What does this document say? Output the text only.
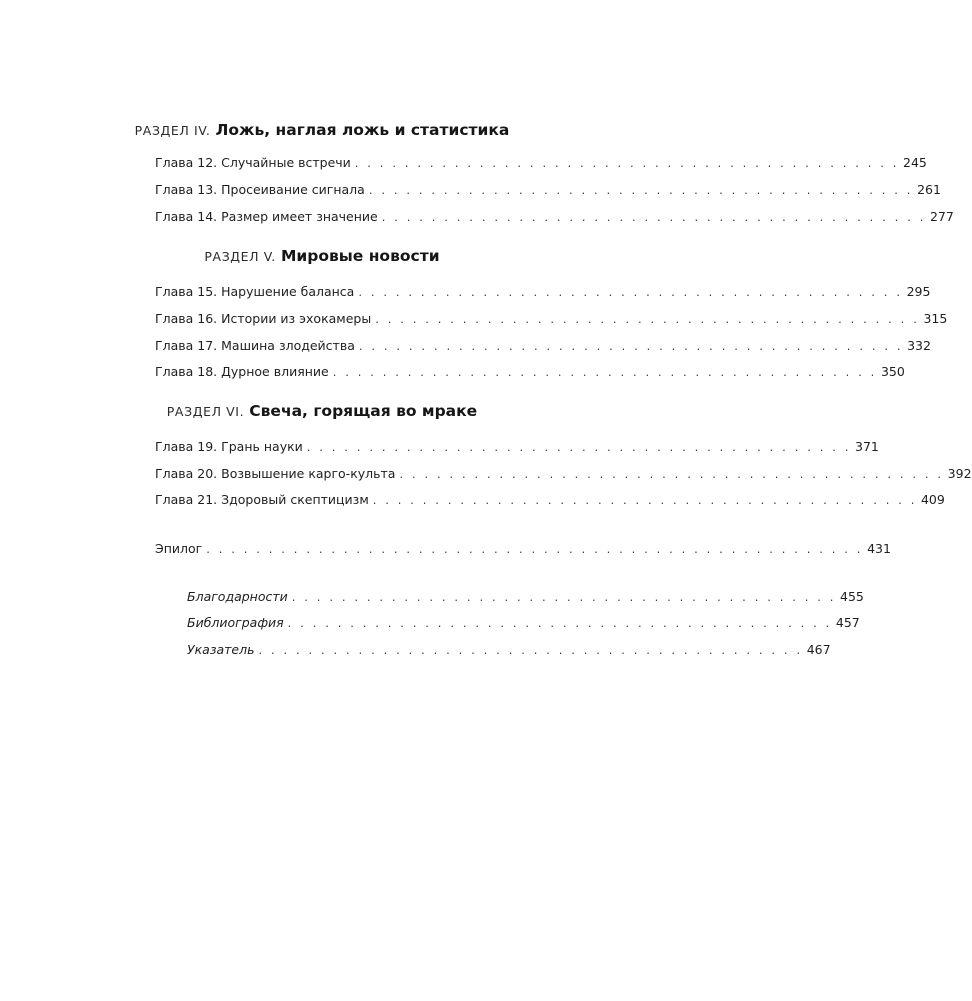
РАЗДЕЛ IV. Ложь, наглая ложь и статистика
Глава 12. Случайные встречи . . . . . . . . . . . . . . . . . . . . . . . . . . . . . . . . . . . . . . . . . . . . 245
Глава 13. Просеивание сигнала . . . . . . . . . . . . . . . . . . . . . . . . . . . . . . . . . . . . . . . . . . . . 261
Глава 14. Размер имеет значение . . . . . . . . . . . . . . . . . . . . . . . . . . . . . . . . . . . . . . . . . . . . 277
РАЗДЕЛ V. Мировые новости
Глава 15. Нарушение баланса . . . . . . . . . . . . . . . . . . . . . . . . . . . . . . . . . . . . . . . . . . . . 295
Глава 16. Истории из эхокамеры . . . . . . . . . . . . . . . . . . . . . . . . . . . . . . . . . . . . . . . . . . . . 315
Глава 17. Машина злодейства . . . . . . . . . . . . . . . . . . . . . . . . . . . . . . . . . . . . . . . . . . . . 332
Глава 18. Дурное влияние . . . . . . . . . . . . . . . . . . . . . . . . . . . . . . . . . . . . . . . . . . . . 350
РАЗДЕЛ VI. Свеча, горящая во мраке
Глава 19. Грань науки . . . . . . . . . . . . . . . . . . . . . . . . . . . . . . . . . . . . . . . . . . . . 371
Глава 20. Возвышение карго-культа . . . . . . . . . . . . . . . . . . . . . . . . . . . . . . . . . . . . . . . . . . . . 392
Глава 21. Здоровый скептицизм . . . . . . . . . . . . . . . . . . . . . . . . . . . . . . . . . . . . . . . . . . . . 409
Эпилог . . . . . . . . . . . . . . . . . . . . . . . . . . . . . . . . . . . . . . . . . . . . . . . . . . . . . 431
Благодарности . . . . . . . . . . . . . . . . . . . . . . . . . . . . . . . . . . . . . . . . . . . . 455
Библиография . . . . . . . . . . . . . . . . . . . . . . . . . . . . . . . . . . . . . . . . . . . . 457
Указатель . . . . . . . . . . . . . . . . . . . . . . . . . . . . . . . . . . . . . . . . . . . . 467
